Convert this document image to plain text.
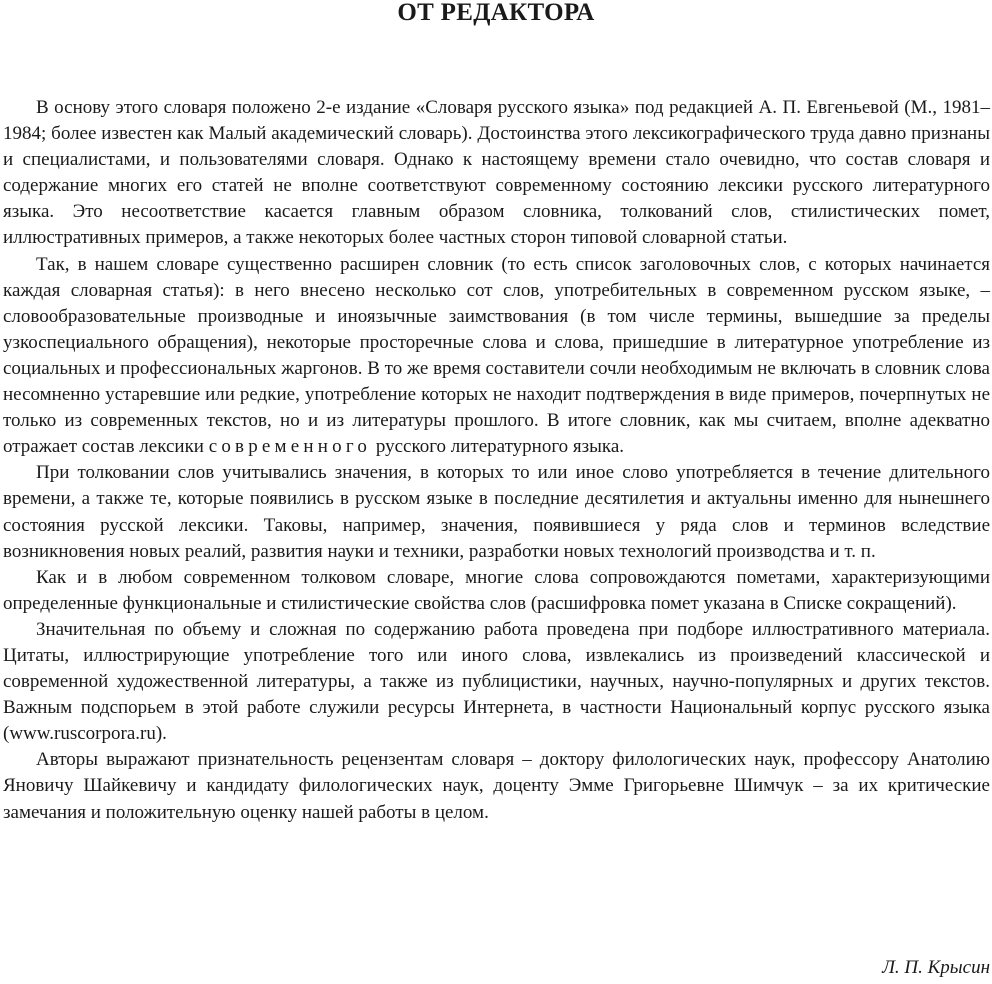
ОТ РЕДАКТОРА

В основу этого словаря положено 2-е издание «Словаря русского языка» под редакцией А. П. Евгеньевой (М., 1981–1984; более известен как Малый академический словарь). Достоинства этого лексикографического труда давно признаны и специалистами, и пользователями словаря. Однако к настоящему времени стало очевидно, что состав словаря и содержание многих его статей не вполне соответствуют современному состоянию лексики русского литературного языка. Это несоответствие касается главным образом словника, толкований слов, стилистических помет, иллюстративных примеров, а также некоторых более частных сторон типовой словарной статьи.

Так, в нашем словаре существенно расширен словник (то есть список заголовочных слов, с которых начинается каждая словарная статья): в него внесено несколько сот слов, употребительных в современном русском языке, – словообразовательные производные и иноязычные заимствования (в том числе термины, вышедшие за пределы узкоспециального обращения), некоторые просторечные слова и слова, пришедшие в литературное употребление из социальных и профессиональных жаргонов. В то же время составители сочли необходимым не включать в словник слова несомненно устаревшие или редкие, употребление которых не находит подтверждения в виде примеров, почерпнутых не только из современных текстов, но и из литературы прошлого. В итоге словник, как мы считаем, вполне адекватно отражает состав лексики современного русского литературного языка.

При толковании слов учитывались значения, в которых то или иное слово употребляется в течение длительного времени, а также те, которые появились в русском языке в последние десятилетия и актуальны именно для нынешнего состояния русской лексики. Таковы, например, значения, появившиеся у ряда слов и терминов вследствие возникновения новых реалий, развития науки и техники, разработки новых технологий производства и т. п.

Как и в любом современном толковом словаре, многие слова сопровождаются пометами, характеризующими определенные функциональные и стилистические свойства слов (расшифровка помет указана в Списке сокращений).

Значительная по объему и сложная по содержанию работа проведена при подборе иллюстративного материала. Цитаты, иллюстрирующие употребление того или иного слова, извлекались из произведений классической и современной художественной литературы, а также из публицистики, научных, научно-популярных и других текстов. Важным подспорьем в этой работе служили ресурсы Интернета, в частности Национальный корпус русского языка (www.ruscorpora.ru).

Авторы выражают признательность рецензентам словаря – доктору филологических наук, профессору Анатолию Яновичу Шайкевичу и кандидату филологических наук, доценту Эмме Григорьевне Шимчук – за их критические замечания и положительную оценку нашей работы в целом.

Л. П. Крысин
